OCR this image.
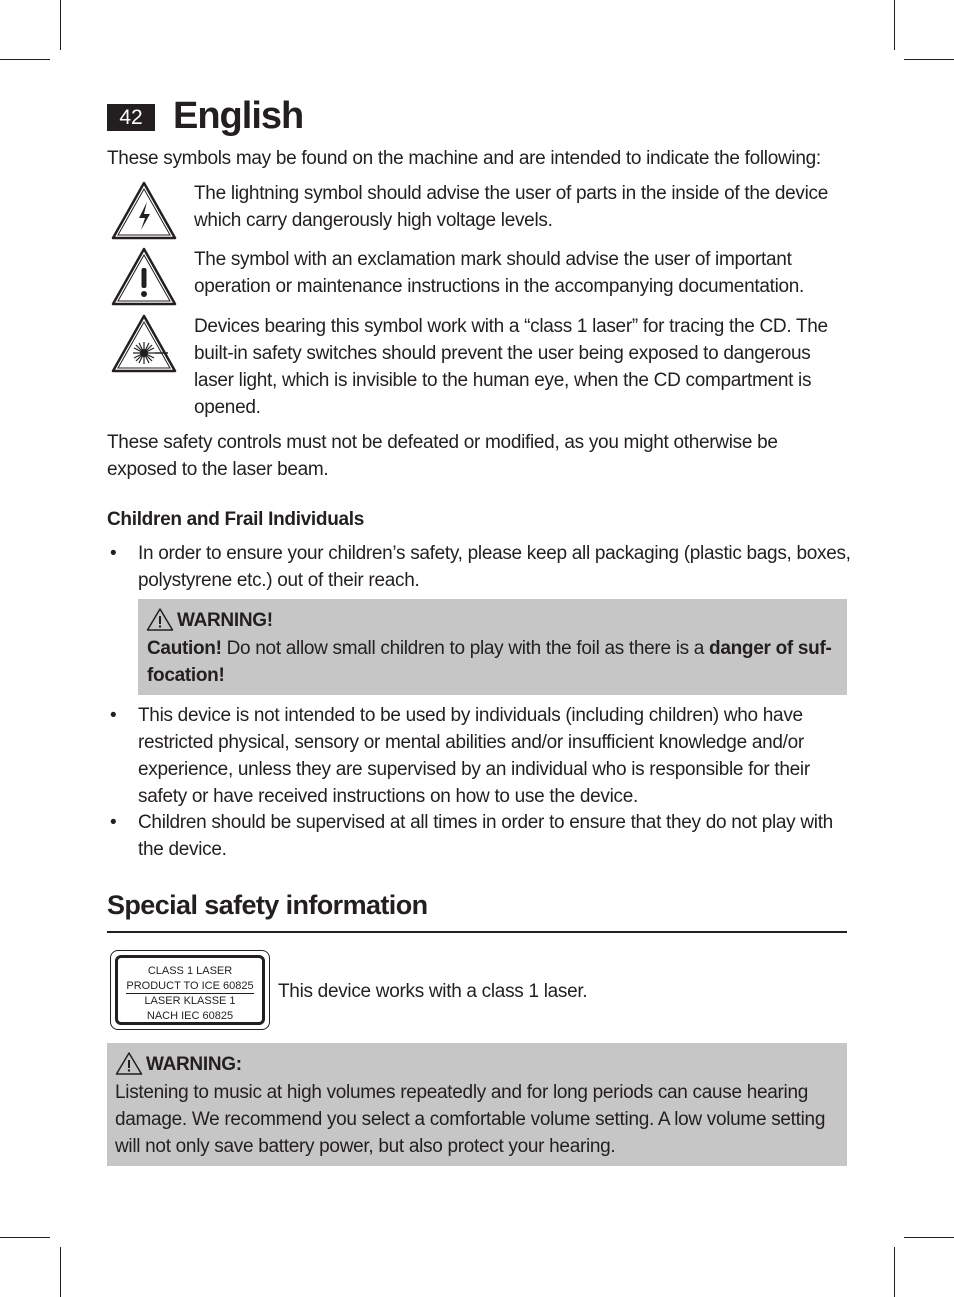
42 English
These symbols may be found on the machine and are intended to indicate the following:
The lightning symbol should advise the user of parts in the inside of the device
which carry dangerously high voltage levels.
The symbol with an exclamation mark should advise the user of important
operation or maintenance instructions in the accompanying documentation.
Devices bearing this symbol work with a “class 1 laser” for tracing the CD. The
built-in safety switches should prevent the user being exposed to dangerous
laser light, which is invisible to the human eye, when the CD compartment is
opened.
These safety controls must not be defeated or modified, as you might otherwise be
exposed to the laser beam.
Children and Frail Individuals
• In order to ensure your children’s safety, please keep all packaging (plastic bags, boxes,
polystyrene etc.) out of their reach.
WARNING!
Caution! Do not allow small children to play with the foil as there is a danger of suf-
focation!
• This device is not intended to be used by individuals (including children) who have
restricted physical, sensory or mental abilities and/or insufficient knowledge and/or
experience, unless they are supervised by an individual who is responsible for their
safety or have received instructions on how to use the device.
• Children should be supervised at all times in order to ensure that they do not play with
the device.
Special safety information
CLASS 1 LASER
PRODUCT TO ICE 60825
LASER KLASSE 1
NACH IEC 60825
This device works with a class 1 laser.
WARNING:
Listening to music at high volumes repeatedly and for long periods can cause hearing
damage. We recommend you select a comfortable volume setting. A low volume setting
will not only save battery power, but also protect your hearing.
